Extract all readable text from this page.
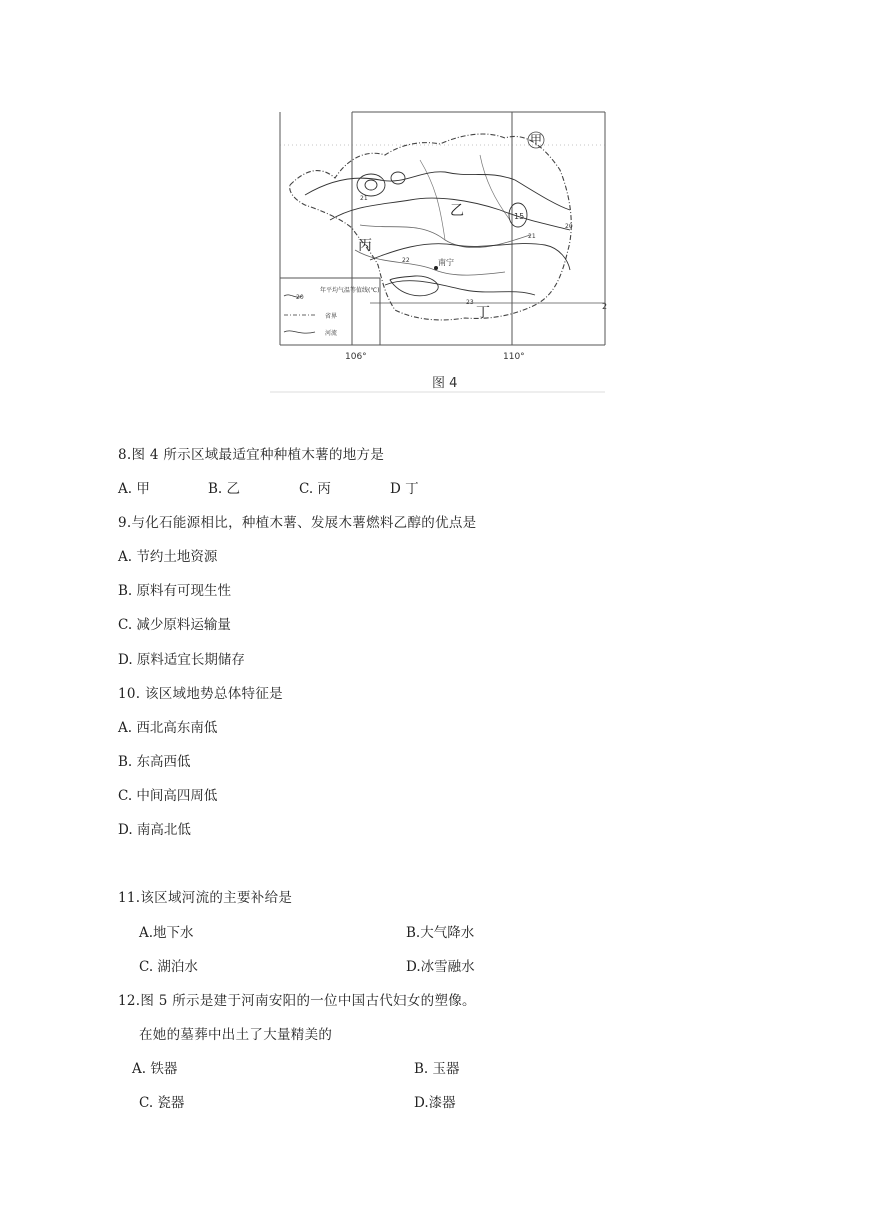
甲
乙
丙
丁
南宁
15
21
20
22
23
21
20
年平均气温等值线(℃)
省界
河流
106°	110°
2
图 4
8.图 4 所示区域最适宜种种植木薯的地方是
A. 甲	B. 乙	C. 丙	D 丁
9.与化石能源相比，种植木薯、发展木薯燃料乙醇的优点是
A. 节约土地资源
B. 原料有可现生性
C. 减少原料运输量
D. 原料适宜长期储存
10. 该区域地势总体特征是
A. 西北高东南低
B. 东高西低
C. 中间高四周低
D. 南高北低
11.该区域河流的主要补给是
A.地下水	B.大气降水
C. 湖泊水	D.冰雪融水
12.图 5 所示是建于河南安阳的一位中国古代妇女的塑像。
在她的墓葬中出土了大量精美的
A. 铁器	B. 玉器
C. 瓷器	D.漆器
